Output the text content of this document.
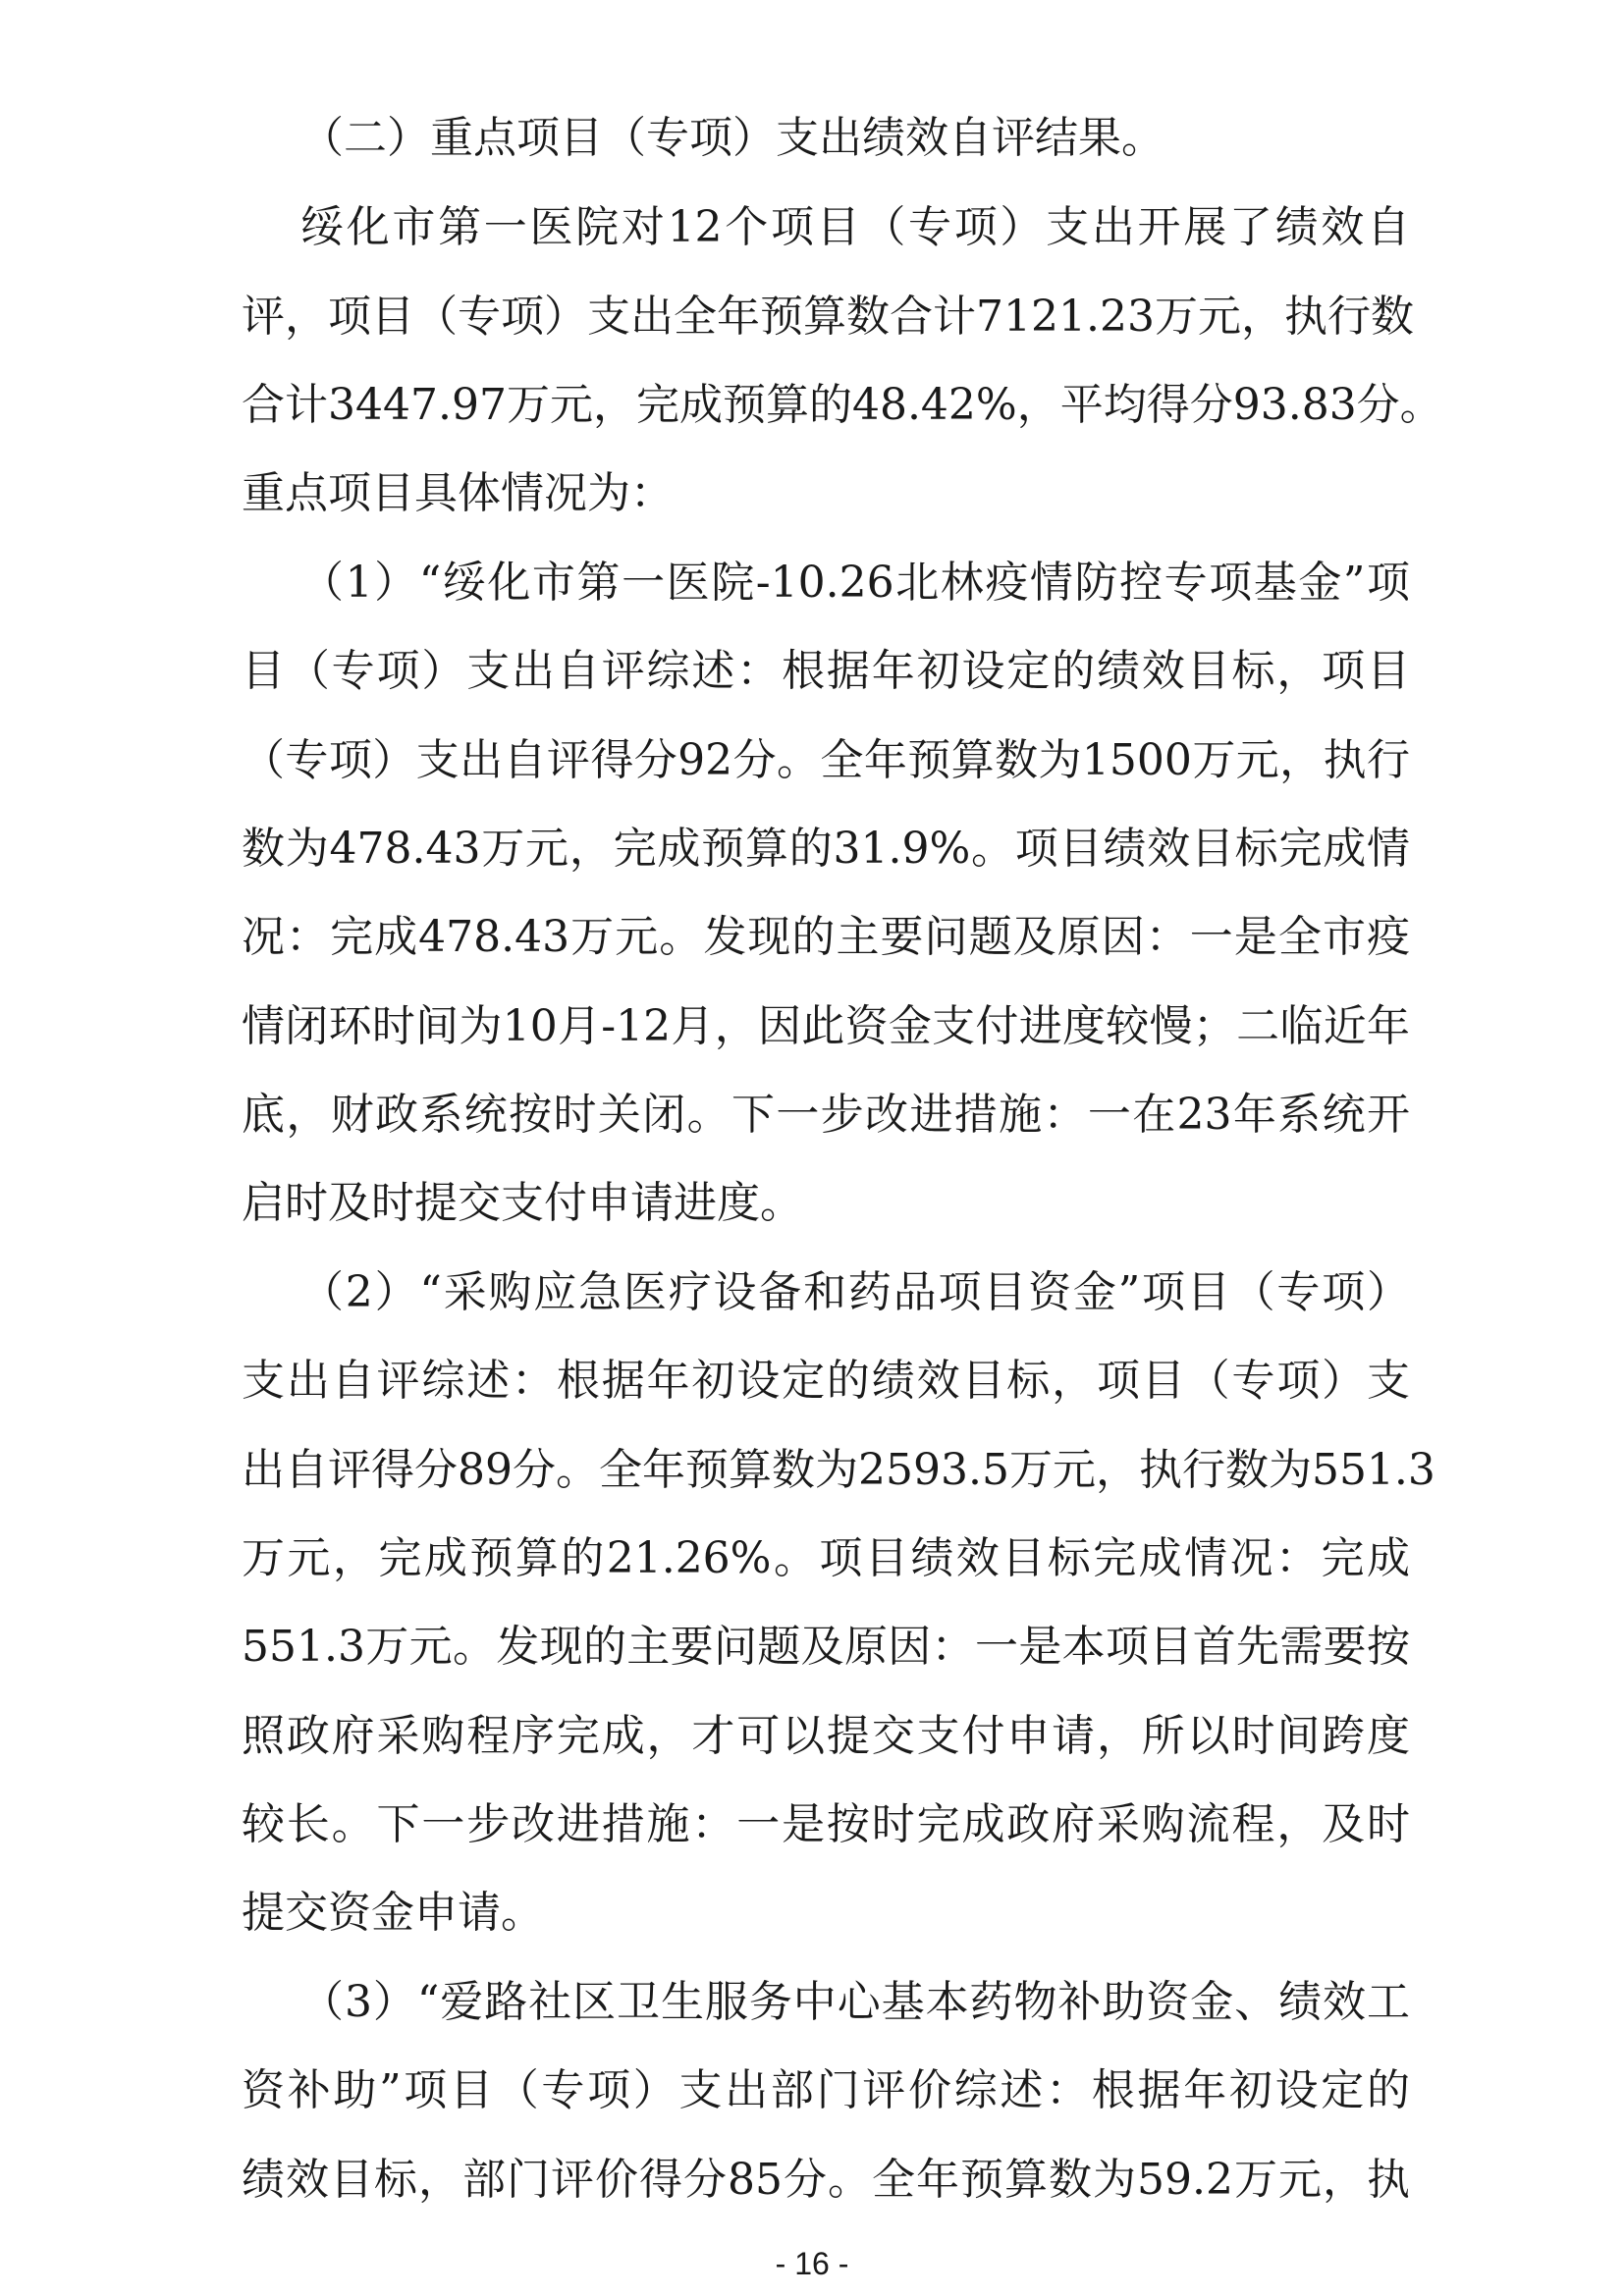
（二）重点项目（专项）支出绩效自评结果。

绥化市第一医院对12个项目（专项）支出开展了绩效自

评，项目（专项）支出全年预算数合计7121.23万元，执行数

合计3447.97万元，完成预算的48.42%，平均得分93.83分。

重点项目具体情况为：

（1）“绥化市第一医院-10.26北林疫情防控专项基金”项

目（专项）支出自评综述：根据年初设定的绩效目标，项目

（专项）支出自评得分92分。全年预算数为1500万元，执行

数为478.43万元，完成预算的31.9%。项目绩效目标完成情

况：完成478.43万元。发现的主要问题及原因：一是全市疫

情闭环时间为10月-12月，因此资金支付进度较慢；二临近年

底，财政系统按时关闭。下一步改进措施：一在23年系统开

启时及时提交支付申请进度。

（2）“采购应急医疗设备和药品项目资金”项目（专项）

支出自评综述：根据年初设定的绩效目标，项目（专项）支

出自评得分89分。全年预算数为2593.5万元，执行数为551.3

万元，完成预算的21.26%。项目绩效目标完成情况：完成

551.3万元。发现的主要问题及原因：一是本项目首先需要按

照政府采购程序完成，才可以提交支付申请，所以时间跨度

较长。下一步改进措施：一是按时完成政府采购流程，及时

提交资金申请。

（3）“爱路社区卫生服务中心基本药物补助资金、绩效工

资补助”项目（专项）支出部门评价综述：根据年初设定的

绩效目标，部门评价得分85分。全年预算数为59.2万元，执

- 16 -
